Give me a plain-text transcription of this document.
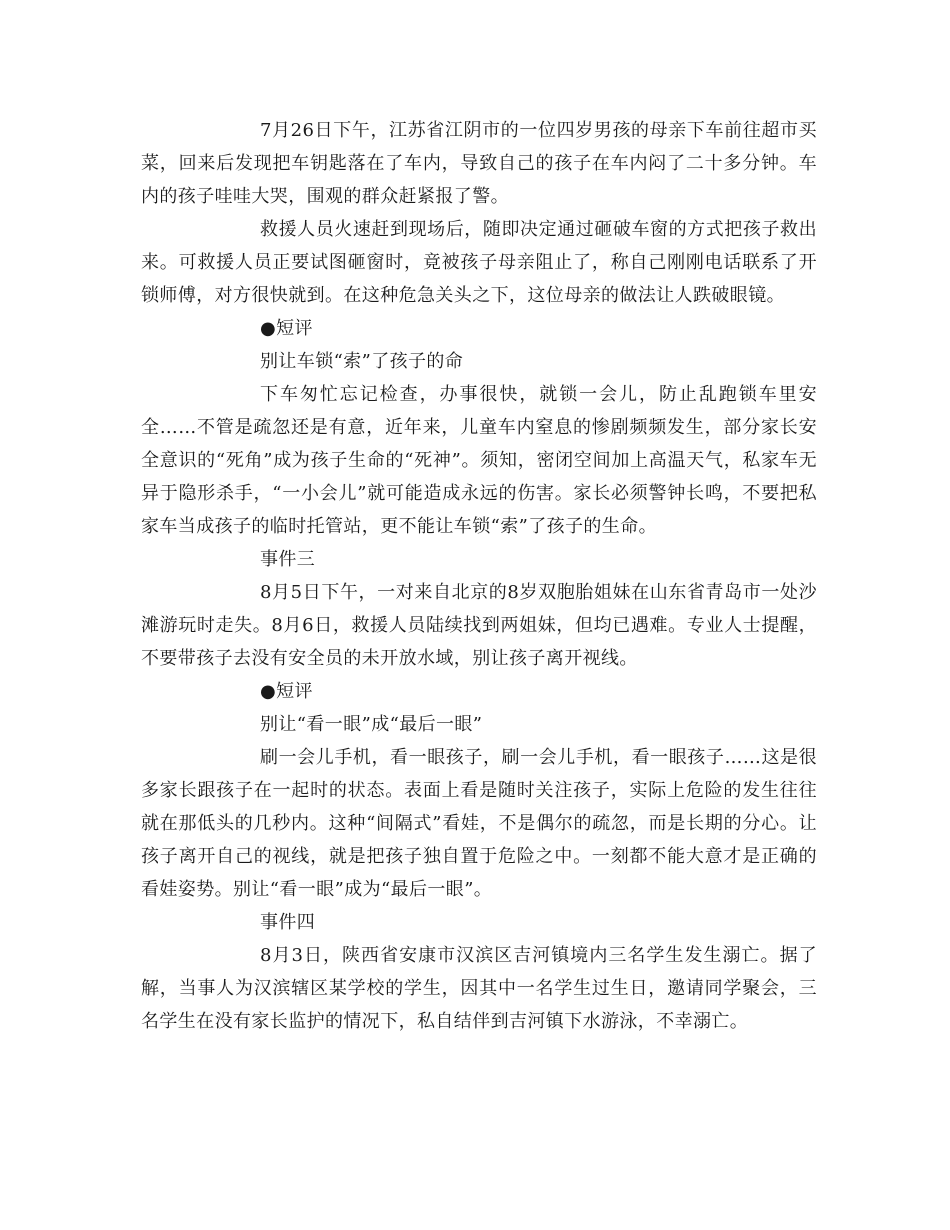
7月26日下午，江苏省江阴市的一位四岁男孩的母亲下车前往超市买菜，回来后发现把车钥匙落在了车内，导致自己的孩子在车内闷了二十多分钟。车内的孩子哇哇大哭，围观的群众赶紧报了警。

救援人员火速赶到现场后，随即决定通过砸破车窗的方式把孩子救出来。可救援人员正要试图砸窗时，竟被孩子母亲阻止了，称自己刚刚电话联系了开锁师傅，对方很快就到。在这种危急关头之下，这位母亲的做法让人跌破眼镜。

●短评

别让车锁“索”了孩子的命

下车匆忙忘记检查，办事很快，就锁一会儿，防止乱跑锁车里安全……不管是疏忽还是有意，近年来，儿童车内窒息的惨剧频频发生，部分家长安全意识的“死角”成为孩子生命的“死神”。须知，密闭空间加上高温天气，私家车无异于隐形杀手，“一小会儿”就可能造成永远的伤害。家长必须警钟长鸣，不要把私家车当成孩子的临时托管站，更不能让车锁“索”了孩子的生命。

事件三

8月5日下午，一对来自北京的8岁双胞胎姐妹在山东省青岛市一处沙滩游玩时走失。8月6日，救援人员陆续找到两姐妹，但均已遇难。专业人士提醒，不要带孩子去没有安全员的未开放水域，别让孩子离开视线。

●短评

别让“看一眼”成“最后一眼”

刷一会儿手机，看一眼孩子，刷一会儿手机，看一眼孩子……这是很多家长跟孩子在一起时的状态。表面上看是随时关注孩子，实际上危险的发生往往就在那低头的几秒内。这种“间隔式”看娃，不是偶尔的疏忽，而是长期的分心。让孩子离开自己的视线，就是把孩子独自置于危险之中。一刻都不能大意才是正确的看娃姿势。别让“看一眼”成为“最后一眼”。

事件四

8月3日，陕西省安康市汉滨区吉河镇境内三名学生发生溺亡。据了解，当事人为汉滨辖区某学校的学生，因其中一名学生过生日，邀请同学聚会，三名学生在没有家长监护的情况下，私自结伴到吉河镇下水游泳，不幸溺亡。
